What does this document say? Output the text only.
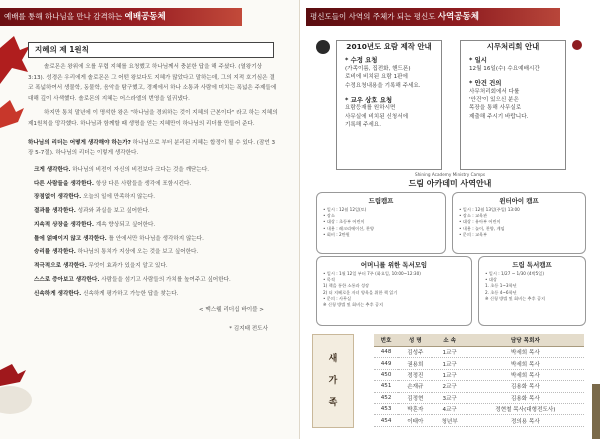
예배를 통해 하나님을 만나 감격하는 예배공동체
지혜의 제 1원칙

솔로몬은 왕위에 오를 무렵 지혜를 요청했고 하나님께서 충분한 답을 해 주셨다. (열왕기상 3:13). 성경은 우리에게 솔로몬은 그 어떤 왕보다도 지혜가 많았다고 말하는데, 그의 지적 호기심은 결코 폭넓하여서 생물학, 동물학, 음악을 탐구했고, 경제에서 하나 소통과 사람에 미치는 폭넓은 주제들에 대해 깊이 사색했다. 솔로몬의 지혜는 어스라엘의 번영을 일궈냈다.

하지만 통치 말년에 이 명석한 왕은 "하나님을 경외하는 것이 지혜의 근본이다" 라고 하는 지혜의 제1원칙을 망각했다. 하나님과 함께할 때 생명을 얻는 지혜만이 하나님의 리더를 만들어 준다.

하나님의 리더는 어떻게 생각해야 하는가? 하나님으로 부터 분리된 지혜는 합정이 될 수 있다. (잠언 3장 5-7절). 하나님의 리더는 이렇게 생각한다.
크게 생각한다. 하나님의 비전이 자신의 비전보다 크다는 것을 깨닫는다.
다른 사람들을 생각한다. 항상 다른 사람들을 생각에 포함시킨다.
장점없이 생각한다. 오늘의 일에 만족하지 않는다.
결과를 생각한다. 성과와 과실을 보고 싶어한다.
지속적 상장을 생각한다. 계속 향상되고 싶어한다.
틀에 얽매이지 않고 생각한다. 틀 안에서만 하나님을 생각하지 않는다.
승리를 생각한다. 하나님의 통치가 지상에 오는 것을 보고 싶어한다.
적극적으로 생각한다. 무엇이 효과가 있을지 알고 있다.
스스로 증아보고 생각한다. 사람들을 섬기고 사람들의 가치를 높여주고 싶어한다.
신속하게 생각한다. 신속하게 평가하고 가능한 답을 찾는다.
< 맥스웰 리더십 바이블 >
* 김지태 전도사
평신도들이 사역의 주체가 되는 평신도 사역공동체
2010년도 요람 제작 안내
* 수정 요청
(가족이름, 집전화, 핸드폰)
로비에 비치된 요람 1판에
수정요청내용을 기록해 주세요.
* 교우 상호 요청
요람등재를 원하시면
사무실에 비치된 신청서에
기록해 주세요.
시무처리회 안내
* 일시
12월 16일(수) 수요예배시간
* 안건 건의
사무처리회에서 다룰
'안건'이 있으신 분은
목장을 통해 사무실로
제출해 주시기 바랍니다.
드림 아카데미 사역안내
Shining Academy Ministry Camps
드림캠프
• 일시 : 12월 12일(토)
• 장소
• 대상 : 초등부 어린이
• 내용 : 레크리에이션, 찬양
• 회비 : 2만원
윈터아이 캠프
• 일시 : 12월 13일(주일) 13:00
• 장소 : 교육관
• 대상 : 유아부 어린이
• 내용 : 놀이, 찬양, 게임
• 문의 : 교육부
어머니를 위한 독서모임
• 일시 : 1월 12일 부터 7주 (화요일, 10:00~12:30)
• 목적
1) 책을 통한 소통과 성장
2) 더 지혜로운 자녀 양육을 위한 책 읽기
• 문의 : 사무실
※ 신청 방법 및 회비는 추후 공지
드림 독서캠프
• 일시 : 1/27 ~ 1/30 (4박5일)
• 대상
1. 초등 1~3학년
2. 초등 4~6학년
※ 신청 방법 및 회비는 추후 공지
새
가
족
번호	성 명	소 속	담당 목회자
448	김성주	1교구	박세희 목사
449	권용희	1교구	박세희 목사
450	정정진	1교구	박세희 목사
451	손재규	2교구	김용화 목사
452	김정현	3교구	김용화 목사
453	박혼자	4교구	정현철 목사(대형전도사)
454	이태아	청년부	정의용 목사
